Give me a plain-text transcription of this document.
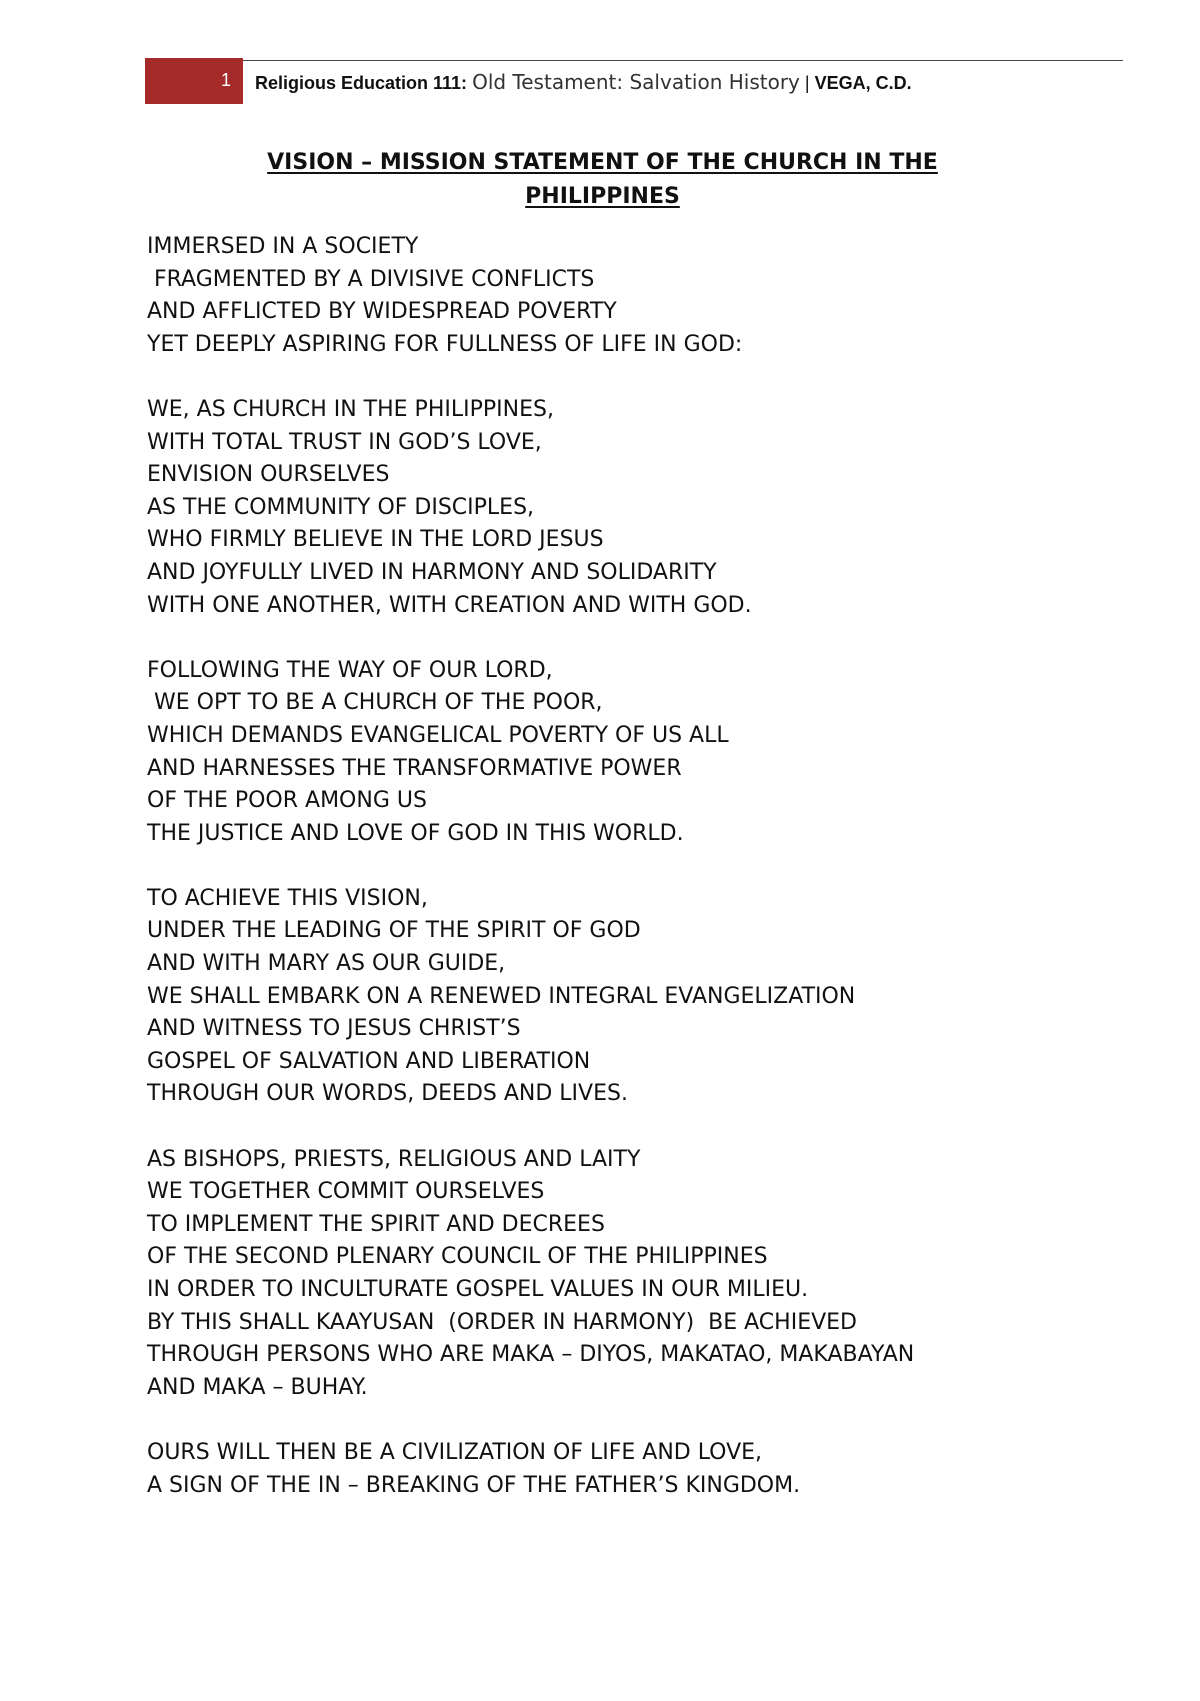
1 Religious Education 111: Old Testament: Salvation History | VEGA, C.D.
VISION – MISSION STATEMENT OF THE CHURCH IN THE
PHILIPPINES
IMMERSED IN A SOCIETY
FRAGMENTED BY A DIVISIVE CONFLICTS
AND AFFLICTED BY WIDESPREAD POVERTY
YET DEEPLY ASPIRING FOR FULLNESS OF LIFE IN GOD:
WE, AS CHURCH IN THE PHILIPPINES,
WITH TOTAL TRUST IN GOD’S LOVE,
ENVISION OURSELVES
AS THE COMMUNITY OF DISCIPLES,
WHO FIRMLY BELIEVE IN THE LORD JESUS
AND JOYFULLY LIVED IN HARMONY AND SOLIDARITY
WITH ONE ANOTHER, WITH CREATION AND WITH GOD.
FOLLOWING THE WAY OF OUR LORD,
WE OPT TO BE A CHURCH OF THE POOR,
WHICH DEMANDS EVANGELICAL POVERTY OF US ALL
AND HARNESSES THE TRANSFORMATIVE POWER
OF THE POOR AMONG US
THE JUSTICE AND LOVE OF GOD IN THIS WORLD.
TO ACHIEVE THIS VISION,
UNDER THE LEADING OF THE SPIRIT OF GOD
AND WITH MARY AS OUR GUIDE,
WE SHALL EMBARK ON A RENEWED INTEGRAL EVANGELIZATION
AND WITNESS TO JESUS CHRIST’S
GOSPEL OF SALVATION AND LIBERATION
THROUGH OUR WORDS, DEEDS AND LIVES.
AS BISHOPS, PRIESTS, RELIGIOUS AND LAITY
WE TOGETHER COMMIT OURSELVES
TO IMPLEMENT THE SPIRIT AND DECREES
OF THE SECOND PLENARY COUNCIL OF THE PHILIPPINES
IN ORDER TO INCULTURATE GOSPEL VALUES IN OUR MILIEU.
BY THIS SHALL KAAYUSAN  (ORDER IN HARMONY)  BE ACHIEVED
THROUGH PERSONS WHO ARE MAKA – DIYOS, MAKATAO, MAKABAYAN
AND MAKA – BUHAY.
OURS WILL THEN BE A CIVILIZATION OF LIFE AND LOVE,
A SIGN OF THE IN – BREAKING OF THE FATHER’S KINGDOM.
